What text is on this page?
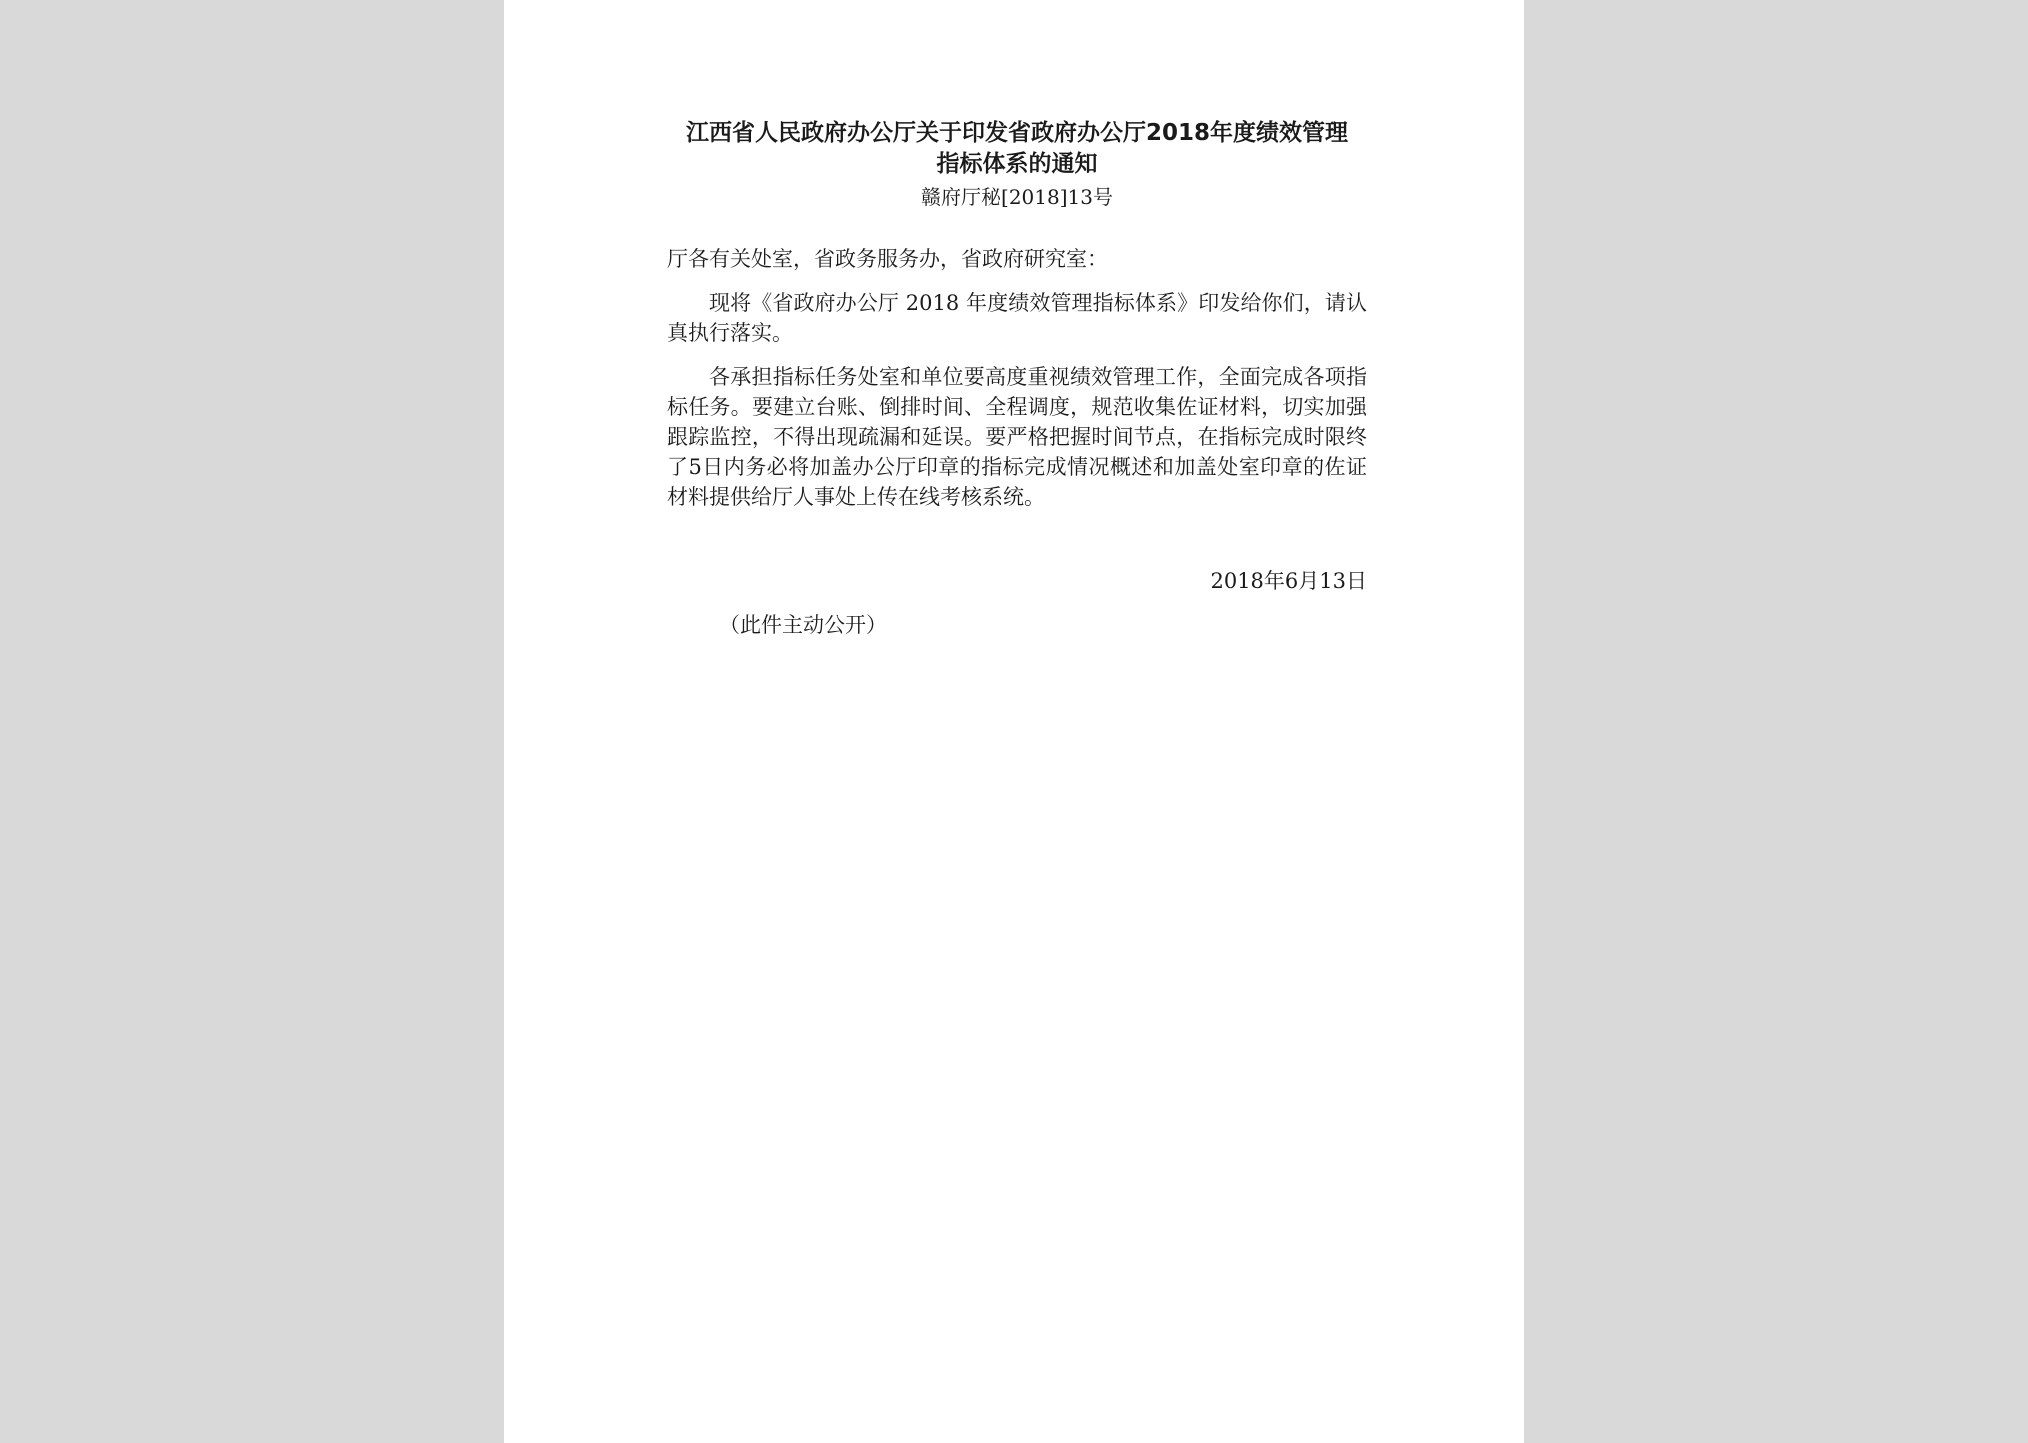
江西省人民政府办公厅关于印发省政府办公厅2018年度绩效管理
指标体系的通知

赣府厅秘[2018]13号

厅各有关处室，省政务服务办，省政府研究室：

现将《省政府办公厅 2018 年度绩效管理指标体系》印发给你们，请认真执行落实。

各承担指标任务处室和单位要高度重视绩效管理工作，全面完成各项指标任务。要建立台账、倒排时间、全程调度，规范收集佐证材料，切实加强跟踪监控，不得出现疏漏和延误。要严格把握时间节点，在指标完成时限终了5日内务必将加盖办公厅印章的指标完成情况概述和加盖处室印章的佐证材料提供给厅人事处上传在线考核系统。

2018年6月13日

（此件主动公开）
